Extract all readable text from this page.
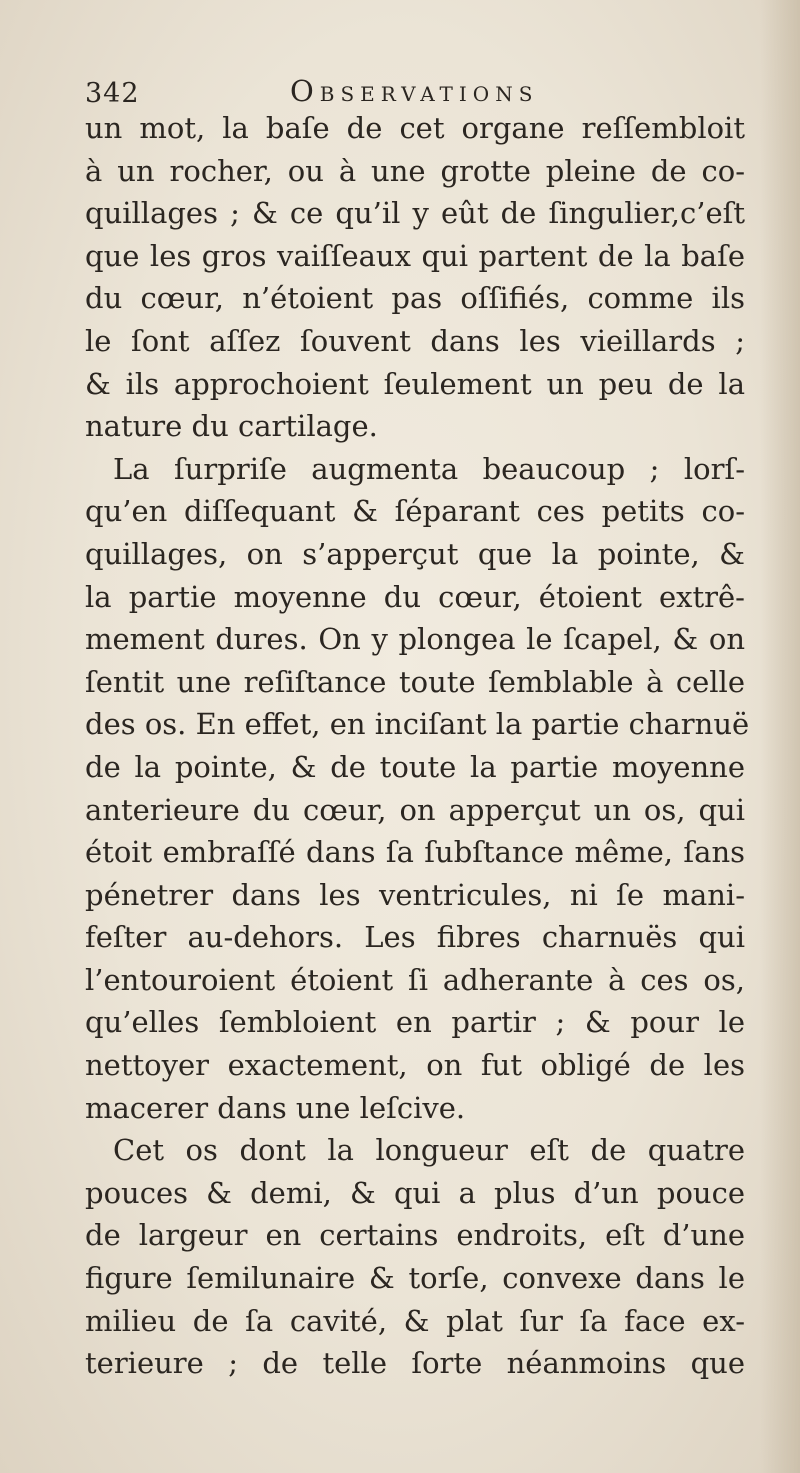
342	Observations
un mot, la baſe de cet organe reſſembloit
à un rocher, ou à une grotte pleine de co-
quillages ; & ce qu’il y eût de ſingulier,c’eſt
que les gros vaiſſeaux qui partent de la baſe
du cœur, n’étoient pas oſſifiés, comme ils
le ſont aſſez ſouvent dans les vieillards ;
& ils approchoient ſeulement un peu de la
nature du cartilage.
La ſurpriſe augmenta beaucoup ; lorſ-
qu’en diſſequant & ſéparant ces petits co-
quillages, on s’apperçut que la pointe, &
la partie moyenne du cœur, étoient extrê-
mement dures. On y plongea le ſcapel, & on
ſentit une reſiſtance toute ſemblable à celle
des os. En effet, en inciſant la partie charnuë
de la pointe, & de toute la partie moyenne
anterieure du cœur, on apperçut un os, qui
étoit embraſſé dans ſa ſubſtance même, ſans
pénetrer dans les ventricules, ni ſe mani-
feſter au-dehors. Les fibres charnuës qui
l’entouroient étoient ſi adherante à ces os,
qu’elles ſembloient en partir ; & pour le
nettoyer exactement, on fut obligé de les
macerer dans une leſcive.
Cet os dont la longueur eſt de quatre
pouces & demi, & qui a plus d’un pouce
de largeur en certains endroits, eſt d’une
figure ſemilunaire & torſe, convexe dans le
milieu de ſa cavité, & plat ſur ſa face ex-
terieure ; de telle ſorte néanmoins que
